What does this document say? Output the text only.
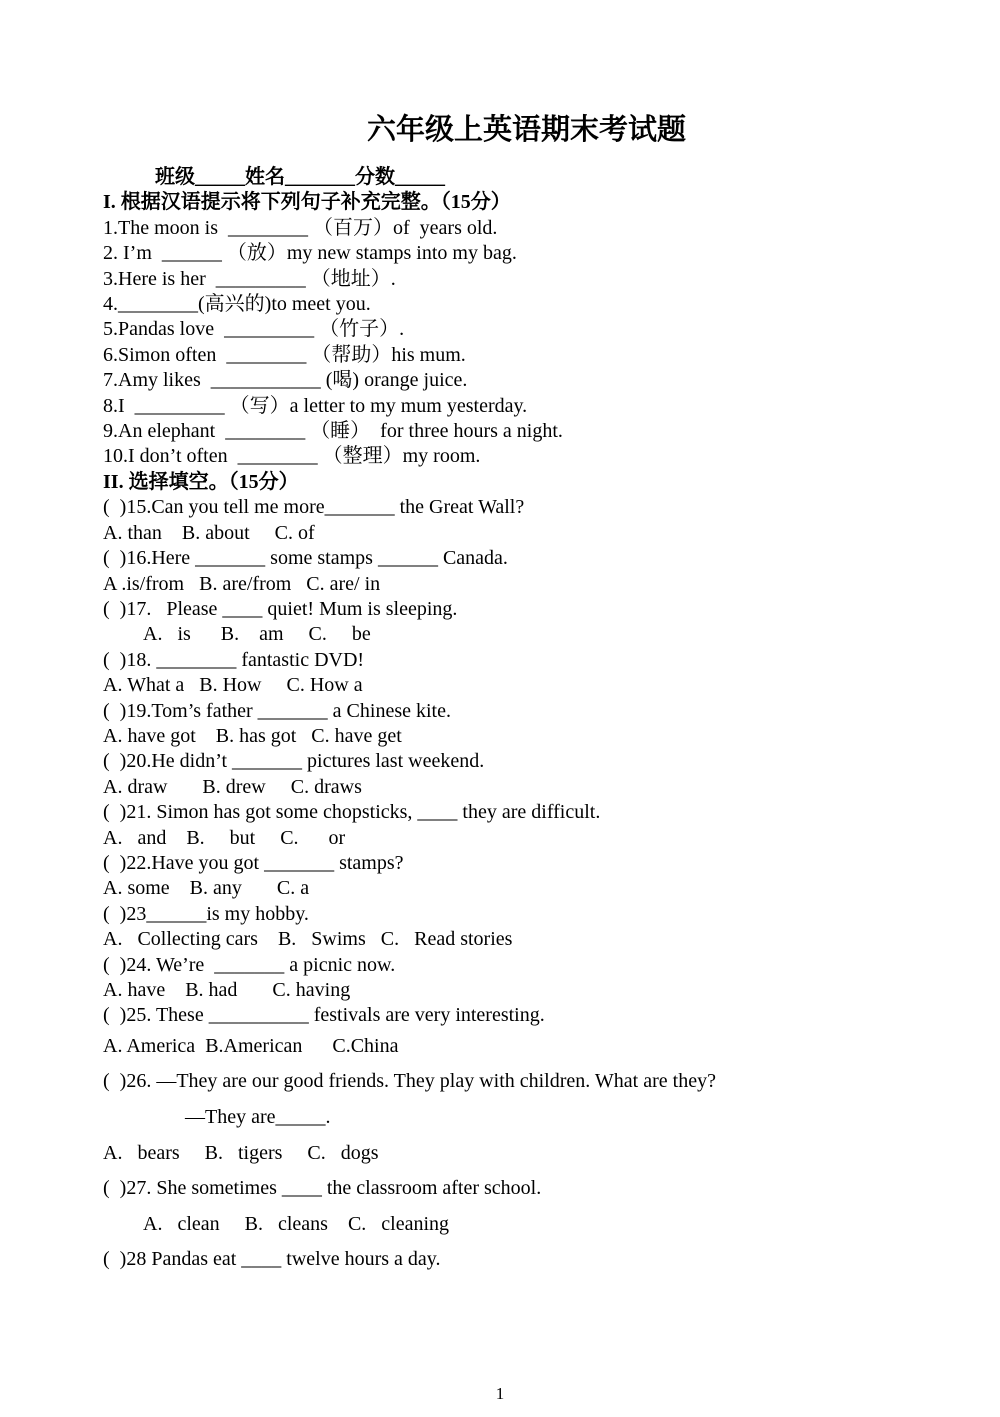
六年级上英语期末考试题
班级_____姓名_______分数_____
I. 根据汉语提示将下列句子补充完整。（15分）
1.The moon is  ________ （百万）of  years old.
2. I’m  ______ （放）my new stamps into my bag.
3.Here is her  _________ （地址）.
4.________(高兴的)to meet you.
5.Pandas love  _________ （竹子）.
6.Simon often  ________ （帮助）his mum.
7.Amy likes  ___________ (喝) orange juice.
8.I  _________ （写）a letter to my mum yesterday.
9.An elephant  ________ （睡）  for three hours a night.
10.I don’t often  ________ （整理）my room.
II. 选择填空。（15分）
(  )15.Can you tell me more_______ the Great Wall?
A. than    B. about     C. of
(  )16.Here _______ some stamps ______ Canada.
A .is/from   B. are/from   C. are/ in
(  )17.   Please ____ quiet! Mum is sleeping.
A.   is      B.    am     C.     be
(  )18. ________ fantastic DVD!
A. What a   B. How     C. How a
(  )19.Tom’s father _______ a Chinese kite.
A. have got    B. has got   C. have get
(  )20.He didn’t _______ pictures last weekend.
A. draw       B. drew     C. draws
(  )21. Simon has got some chopsticks, ____ they are difficult.
A.   and    B.     but     C.      or
(  )22.Have you got _______ stamps?
A. some    B. any       C. a
(  )23______is my hobby.
A.   Collecting cars    B.   Swims   C.   Read stories
(  )24. We’re  _______ a picnic now.
A. have    B. had       C. having
(  )25. These __________ festivals are very interesting.
A. America  B.American      C.China
(  )26. —They are our good friends. They play with children. What are they?
—They are_____.
A.   bears     B.   tigers     C.   dogs
(  )27. She sometimes ____ the classroom after school.
A.   clean     B.   cleans    C.   cleaning
(  )28 Pandas eat ____ twelve hours a day.
1
